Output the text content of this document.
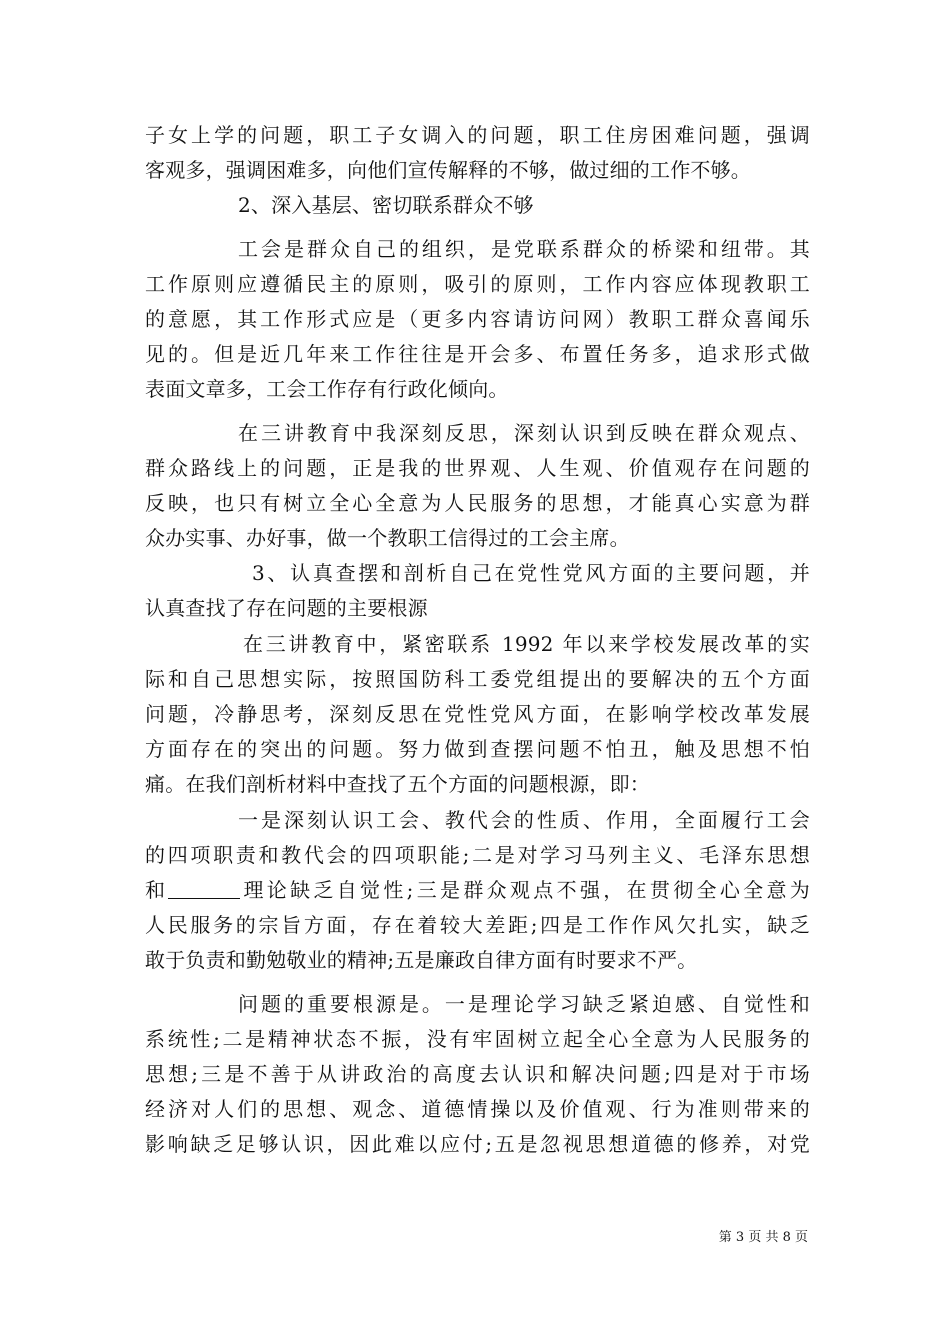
子女上学的问题，职工子女调入的问题，职工住房困难问题，强调
客观多，强调困难多，向他们宣传解释的不够，做过细的工作不够。
2、深入基层、密切联系群众不够
工会是群众自己的组织，是党联系群众的桥梁和纽带。其
工作原则应遵循民主的原则，吸引的原则，工作内容应体现教职工
的意愿，其工作形式应是（更多内容请访问网）教职工群众喜闻乐
见的。但是近几年来工作往往是开会多、布置任务多，追求形式做
表面文章多，工会工作存有行政化倾向。
在三讲教育中我深刻反思，深刻认识到反映在群众观点、
群众路线上的问题，正是我的世界观、人生观、价值观存在问题的
反映，也只有树立全心全意为人民服务的思想，才能真心实意为群
众办实事、办好事，做一个教职工信得过的工会主席。
3、认真查摆和剖析自己在党性党风方面的主要问题，并
认真查找了存在问题的主要根源
在三讲教育中，紧密联系 1992 年以来学校发展改革的实
际和自己思想实际，按照国防科工委党组提出的要解决的五个方面
问题，冷静思考，深刻反思在党性党风方面，在影响学校改革发展
方面存在的突出的问题。努力做到查摆问题不怕丑，触及思想不怕
痛。在我们剖析材料中查找了五个方面的问题根源，即：
一是深刻认识工会、教代会的性质、作用，全面履行工会
的四项职责和教代会的四项职能;二是对学习马列主义、毛泽东思想
和	理论缺乏自觉性;三是群众观点不强，在贯彻全心全意为
人民服务的宗旨方面，存在着较大差距;四是工作作风欠扎实，缺乏
敢于负责和勤勉敬业的精神;五是廉政自律方面有时要求不严。
问题的重要根源是。一是理论学习缺乏紧迫感、自觉性和
系统性;二是精神状态不振，没有牢固树立起全心全意为人民服务的
思想;三是不善于从讲政治的高度去认识和解决问题;四是对于市场
经济对人们的思想、观念、道德情操以及价值观、行为准则带来的
影响缺乏足够认识，因此难以应付;五是忽视思想道德的修养，对党
第 3 页 共 8 页
